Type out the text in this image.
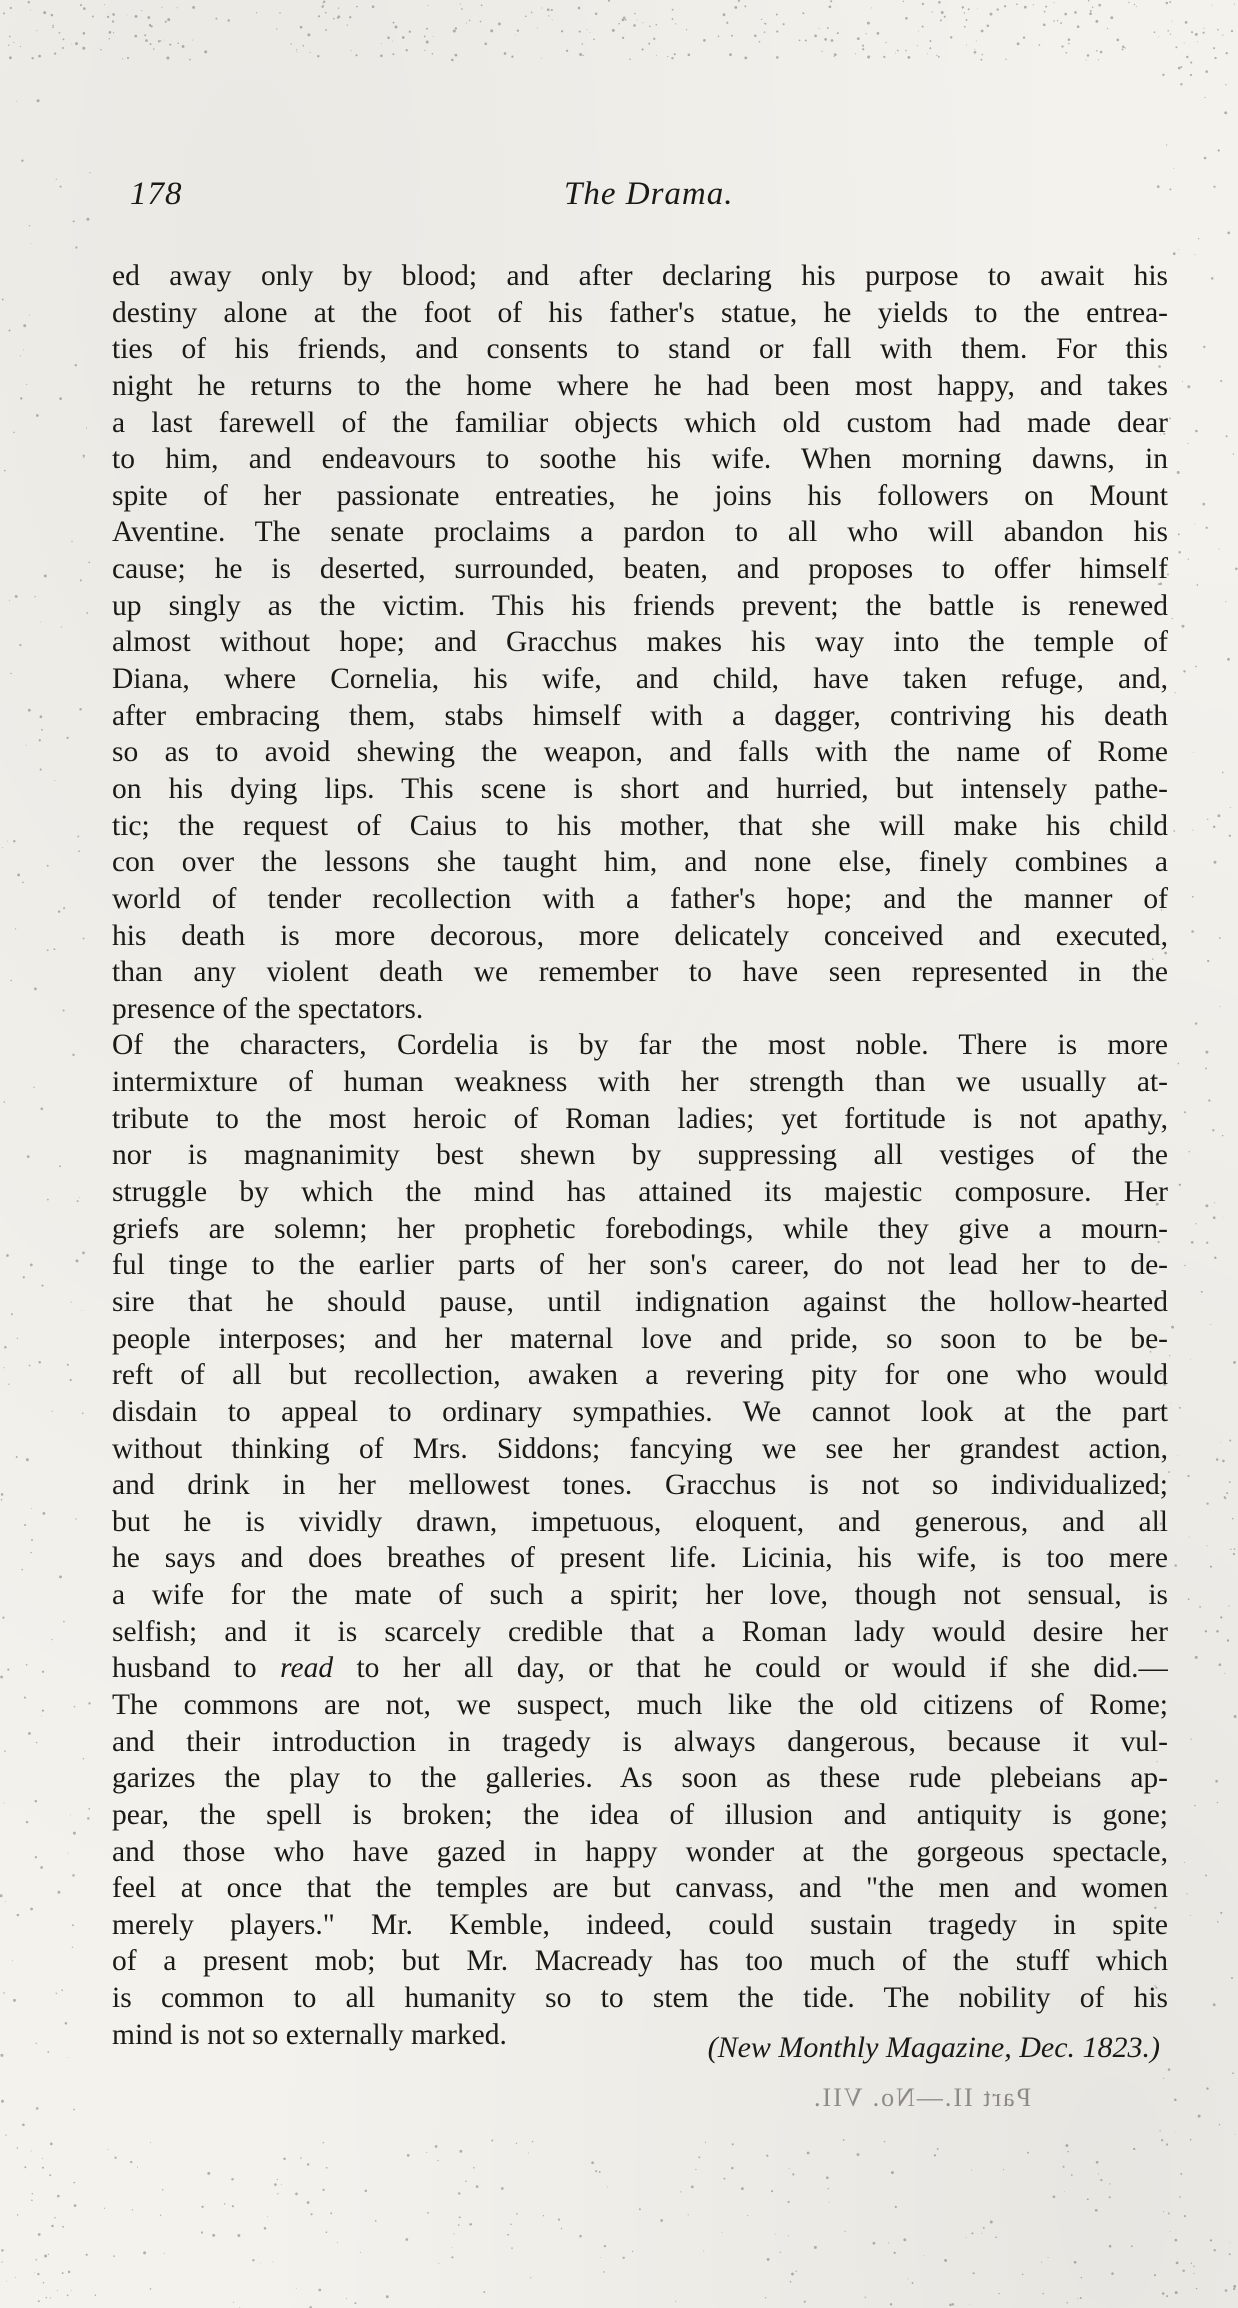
178	The Drama.
ed away only by blood; and after declaring his purpose to await his
destiny alone at the foot of his father's statue, he yields to the entrea-
ties of his friends, and consents to stand or fall with them. For this
night he returns to the home where he had been most happy, and takes
a last farewell of the familiar objects which old custom had made dear
to him, and endeavours to soothe his wife. When morning dawns, in
spite of her passionate entreaties, he joins his followers on Mount
Aventine. The senate proclaims a pardon to all who will abandon his
cause; he is deserted, surrounded, beaten, and proposes to offer himself
up singly as the victim. This his friends prevent; the battle is renewed
almost without hope; and Gracchus makes his way into the temple of
Diana, where Cornelia, his wife, and child, have taken refuge, and,
after embracing them, stabs himself with a dagger, contriving his death
so as to avoid shewing the weapon, and falls with the name of Rome
on his dying lips. This scene is short and hurried, but intensely pathe-
tic; the request of Caius to his mother, that she will make his child
con over the lessons she taught him, and none else, finely combines a
world of tender recollection with a father's hope; and the manner of
his death is more decorous, more delicately conceived and executed,
than any violent death we remember to have seen represented in the
presence of the spectators.
Of the characters, Cordelia is by far the most noble. There is more
intermixture of human weakness with her strength than we usually at-
tribute to the most heroic of Roman ladies; yet fortitude is not apathy,
nor is magnanimity best shewn by suppressing all vestiges of the
struggle by which the mind has attained its majestic composure. Her
griefs are solemn; her prophetic forebodings, while they give a mourn-
ful tinge to the earlier parts of her son's career, do not lead her to de-
sire that he should pause, until indignation against the hollow-hearted
people interposes; and her maternal love and pride, so soon to be be-
reft of all but recollection, awaken a revering pity for one who would
disdain to appeal to ordinary sympathies. We cannot look at the part
without thinking of Mrs. Siddons; fancying we see her grandest action,
and drink in her mellowest tones. Gracchus is not so individualized;
but he is vividly drawn, impetuous, eloquent, and generous, and all
he says and does breathes of present life. Licinia, his wife, is too mere
a wife for the mate of such a spirit; her love, though not sensual, is
selfish; and it is scarcely credible that a Roman lady would desire her
husband to read to her all day, or that he could or would if she did.—
The commons are not, we suspect, much like the old citizens of Rome;
and their introduction in tragedy is always dangerous, because it vul-
garizes the play to the galleries. As soon as these rude plebeians ap-
pear, the spell is broken; the idea of illusion and antiquity is gone;
and those who have gazed in happy wonder at the gorgeous spectacle,
feel at once that the temples are but canvass, and "the men and women
merely players." Mr. Kemble, indeed, could sustain tragedy in spite
of a present mob; but Mr. Macready has too much of the stuff which
is common to all humanity so to stem the tide. The nobility of his
mind is not so externally marked.	(New Monthly Magazine, Dec. 1823.)
Part II.—No. VII.
